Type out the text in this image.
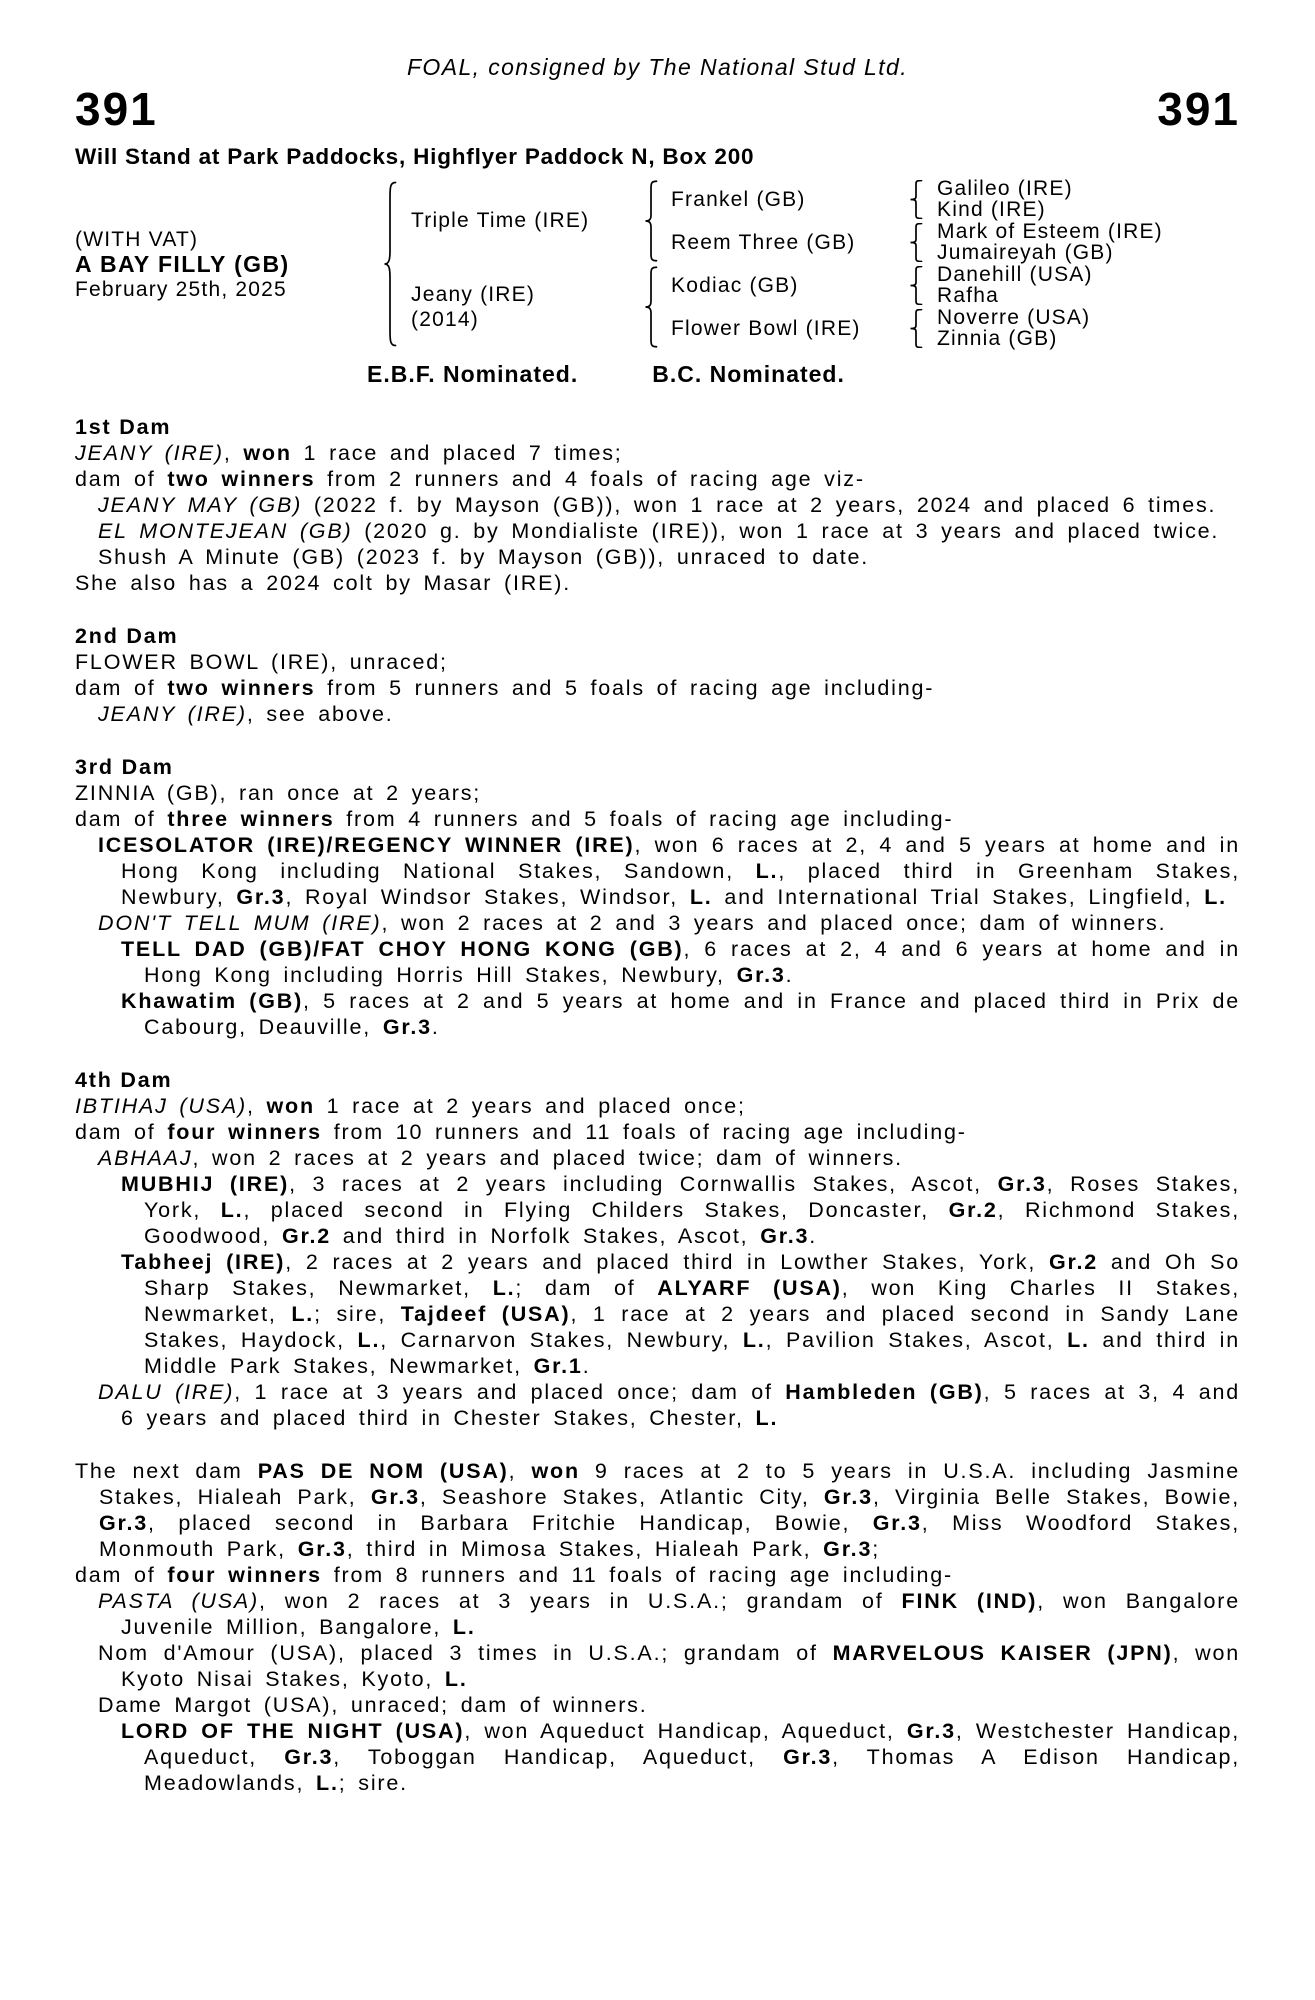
FOAL, consigned by The National Stud Ltd.
391	391
Will Stand at Park Paddocks, Highflyer Paddock N, Box 200
(WITH VAT)
A BAY FILLY (GB)
February 25th, 2025
Triple Time (IRE)
Jeany (IRE)
(2014)
Frankel (GB)
Reem Three (GB)
Kodiac (GB)
Flower Bowl (IRE)
Galileo (IRE)
Kind (IRE)
Mark of Esteem (IRE)
Jumaireyah (GB)
Danehill (USA)
Rafha
Noverre (USA)
Zinnia (GB)
E.B.F. Nominated.	B.C. Nominated.
1st Dam
JEANY (IRE), won 1 race and placed 7 times;
dam of two winners from 2 runners and 4 foals of racing age viz-
JEANY MAY (GB) (2022 f. by Mayson (GB)), won 1 race at 2 years, 2024 and placed 6 times.
EL MONTEJEAN (GB) (2020 g. by Mondialiste (IRE)), won 1 race at 3 years and placed twice.
Shush A Minute (GB) (2023 f. by Mayson (GB)), unraced to date.
She also has a 2024 colt by Masar (IRE).
2nd Dam
FLOWER BOWL (IRE), unraced;
dam of two winners from 5 runners and 5 foals of racing age including-
JEANY (IRE), see above.
3rd Dam
ZINNIA (GB), ran once at 2 years;
dam of three winners from 4 runners and 5 foals of racing age including-
ICESOLATOR (IRE)/REGENCY WINNER (IRE), won 6 races at 2, 4 and 5 years at home and in Hong Kong including National Stakes, Sandown, L., placed third in Greenham Stakes, Newbury, Gr.3, Royal Windsor Stakes, Windsor, L. and International Trial Stakes, Lingfield, L.
DON'T TELL MUM (IRE), won 2 races at 2 and 3 years and placed once; dam of winners.
TELL DAD (GB)/FAT CHOY HONG KONG (GB), 6 races at 2, 4 and 6 years at home and in Hong Kong including Horris Hill Stakes, Newbury, Gr.3.
Khawatim (GB), 5 races at 2 and 5 years at home and in France and placed third in Prix de Cabourg, Deauville, Gr.3.
4th Dam
IBTIHAJ (USA), won 1 race at 2 years and placed once;
dam of four winners from 10 runners and 11 foals of racing age including-
ABHAAJ, won 2 races at 2 years and placed twice; dam of winners.
MUBHIJ (IRE), 3 races at 2 years including Cornwallis Stakes, Ascot, Gr.3, Roses Stakes, York, L., placed second in Flying Childers Stakes, Doncaster, Gr.2, Richmond Stakes, Goodwood, Gr.2 and third in Norfolk Stakes, Ascot, Gr.3.
Tabheej (IRE), 2 races at 2 years and placed third in Lowther Stakes, York, Gr.2 and Oh So Sharp Stakes, Newmarket, L.; dam of ALYARF (USA), won King Charles II Stakes, Newmarket, L.; sire, Tajdeef (USA), 1 race at 2 years and placed second in Sandy Lane Stakes, Haydock, L., Carnarvon Stakes, Newbury, L., Pavilion Stakes, Ascot, L. and third in Middle Park Stakes, Newmarket, Gr.1.
DALU (IRE), 1 race at 3 years and placed once; dam of Hambleden (GB), 5 races at 3, 4 and 6 years and placed third in Chester Stakes, Chester, L.
The next dam PAS DE NOM (USA), won 9 races at 2 to 5 years in U.S.A. including Jasmine Stakes, Hialeah Park, Gr.3, Seashore Stakes, Atlantic City, Gr.3, Virginia Belle Stakes, Bowie, Gr.3, placed second in Barbara Fritchie Handicap, Bowie, Gr.3, Miss Woodford Stakes, Monmouth Park, Gr.3, third in Mimosa Stakes, Hialeah Park, Gr.3;
dam of four winners from 8 runners and 11 foals of racing age including-
PASTA (USA), won 2 races at 3 years in U.S.A.; grandam of FINK (IND), won Bangalore Juvenile Million, Bangalore, L.
Nom d'Amour (USA), placed 3 times in U.S.A.; grandam of MARVELOUS KAISER (JPN), won Kyoto Nisai Stakes, Kyoto, L.
Dame Margot (USA), unraced; dam of winners.
LORD OF THE NIGHT (USA), won Aqueduct Handicap, Aqueduct, Gr.3, Westchester Handicap, Aqueduct, Gr.3, Toboggan Handicap, Aqueduct, Gr.3, Thomas A Edison Handicap, Meadowlands, L.; sire.
